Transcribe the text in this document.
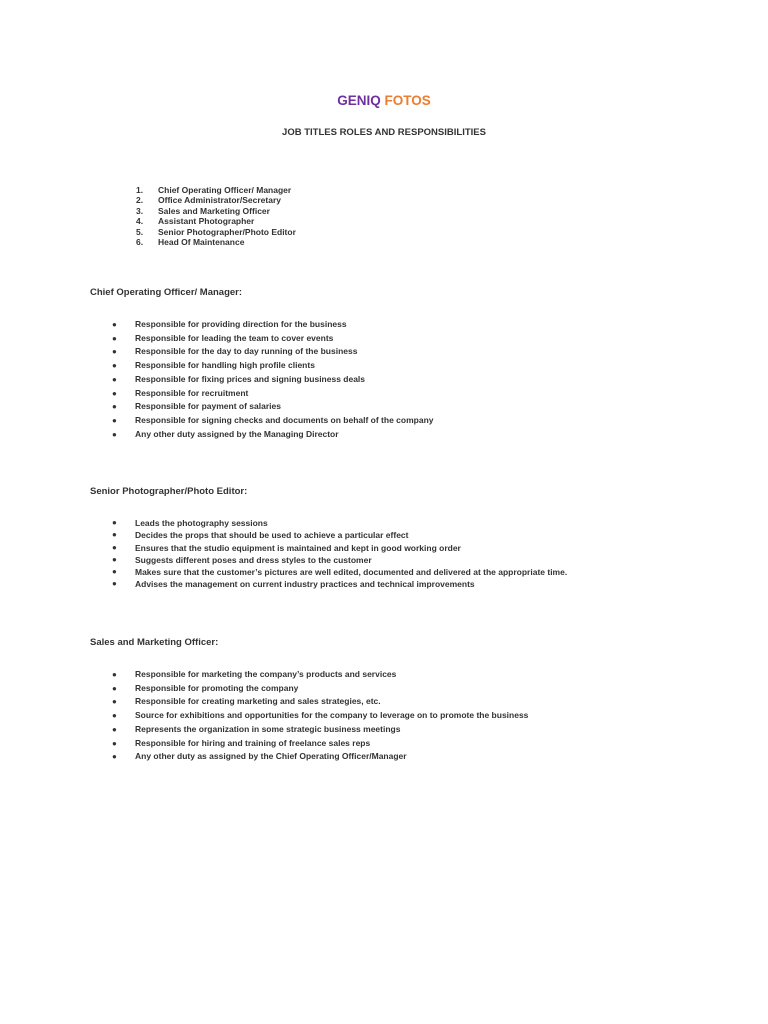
GENIQ FOTOS
JOB TITLES ROLES AND RESPONSIBILITIES
1.	Chief Operating Officer/ Manager
2.	Office Administrator/Secretary
3.	Sales and Marketing Officer
4.	Assistant Photographer
5.	Senior Photographer/Photo Editor
6.	Head Of Maintenance
Chief Operating Officer/ Manager:
●	Responsible for providing direction for the business
●	Responsible for leading the team to cover events
●	Responsible for the day to day running of the business
●	Responsible for handling high profile clients
●	Responsible for fixing prices and signing business deals
●	Responsible for recruitment
●	Responsible for payment of salaries
●	Responsible for signing checks and documents on behalf of the company
●	Any other duty assigned by the Managing Director
Senior Photographer/Photo Editor:
●	Leads the photography sessions
●	Decides the props that should be used to achieve a particular effect
●	Ensures that the studio equipment is maintained and kept in good working order
●	Suggests different poses and dress styles to the customer
●	Makes sure that the customer’s pictures are well edited, documented and delivered at the appropriate time.
●	Advises the management on current industry practices and technical improvements
Sales and Marketing Officer:
●	Responsible for marketing the company’s products and services
●	Responsible for promoting the company
●	Responsible for creating marketing and sales strategies, etc.
●	Source for exhibitions and opportunities for the company to leverage on to promote the business
●	Represents the organization in some strategic business meetings
●	Responsible for hiring and training of freelance sales reps
●	Any other duty as assigned by the Chief Operating Officer/Manager
